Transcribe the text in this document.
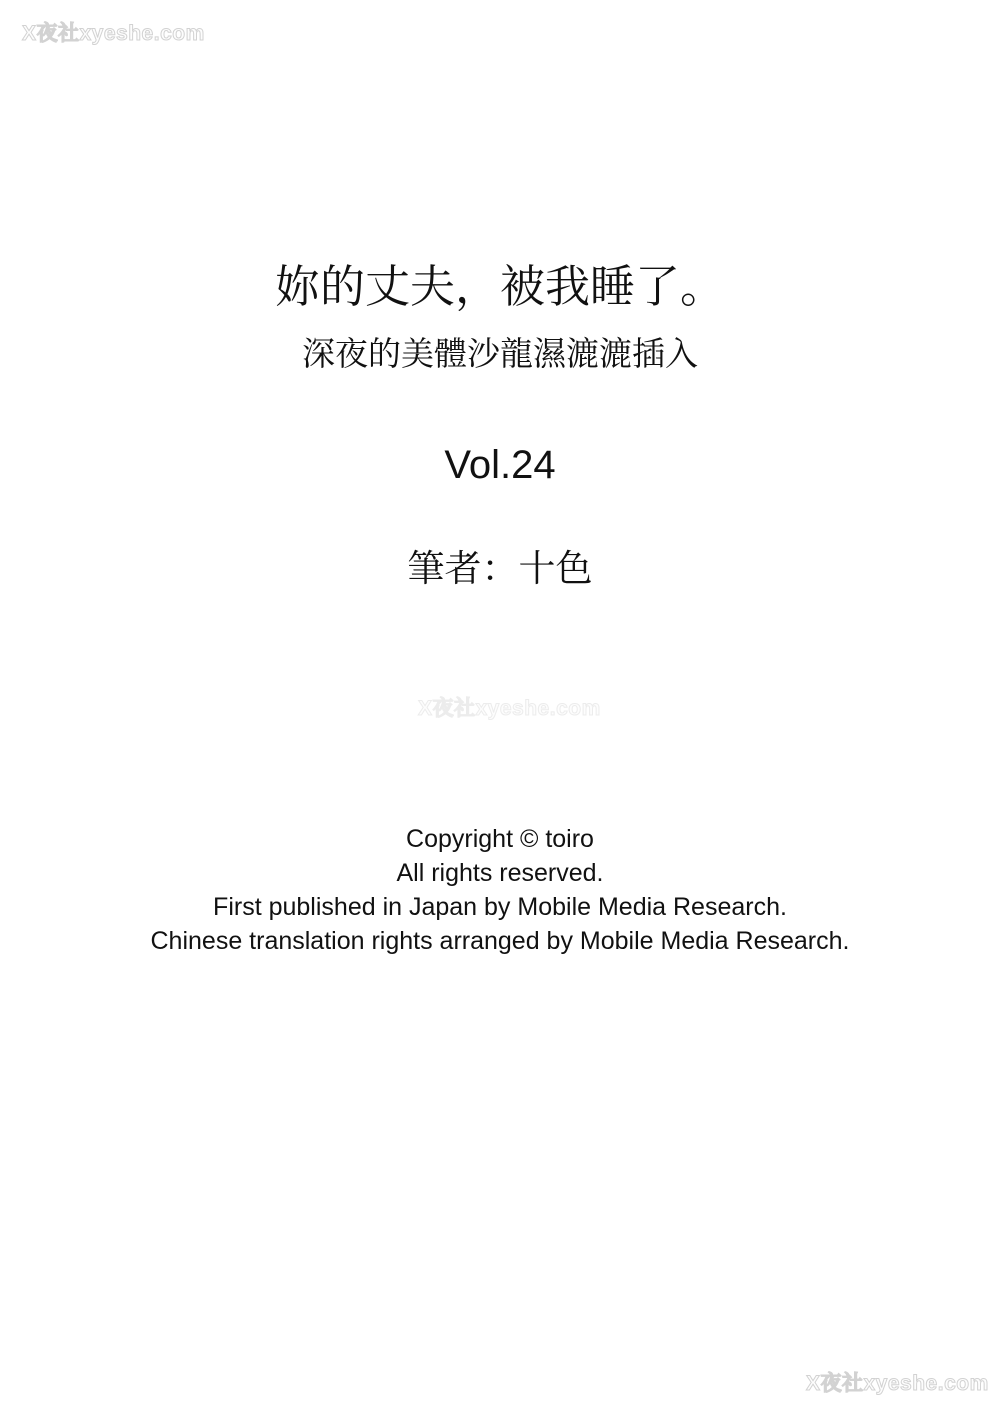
X夜社xyeshe.com
妳的丈夫，被我睡了。
深夜的美體沙龍濕漉漉插入
Vol.24
筆者：十色
X夜社xyeshe.com
Copyright © toiro
All rights reserved.
First published in Japan by Mobile Media Research.
Chinese translation rights arranged by Mobile Media Research.
X夜社xyeshe.com
